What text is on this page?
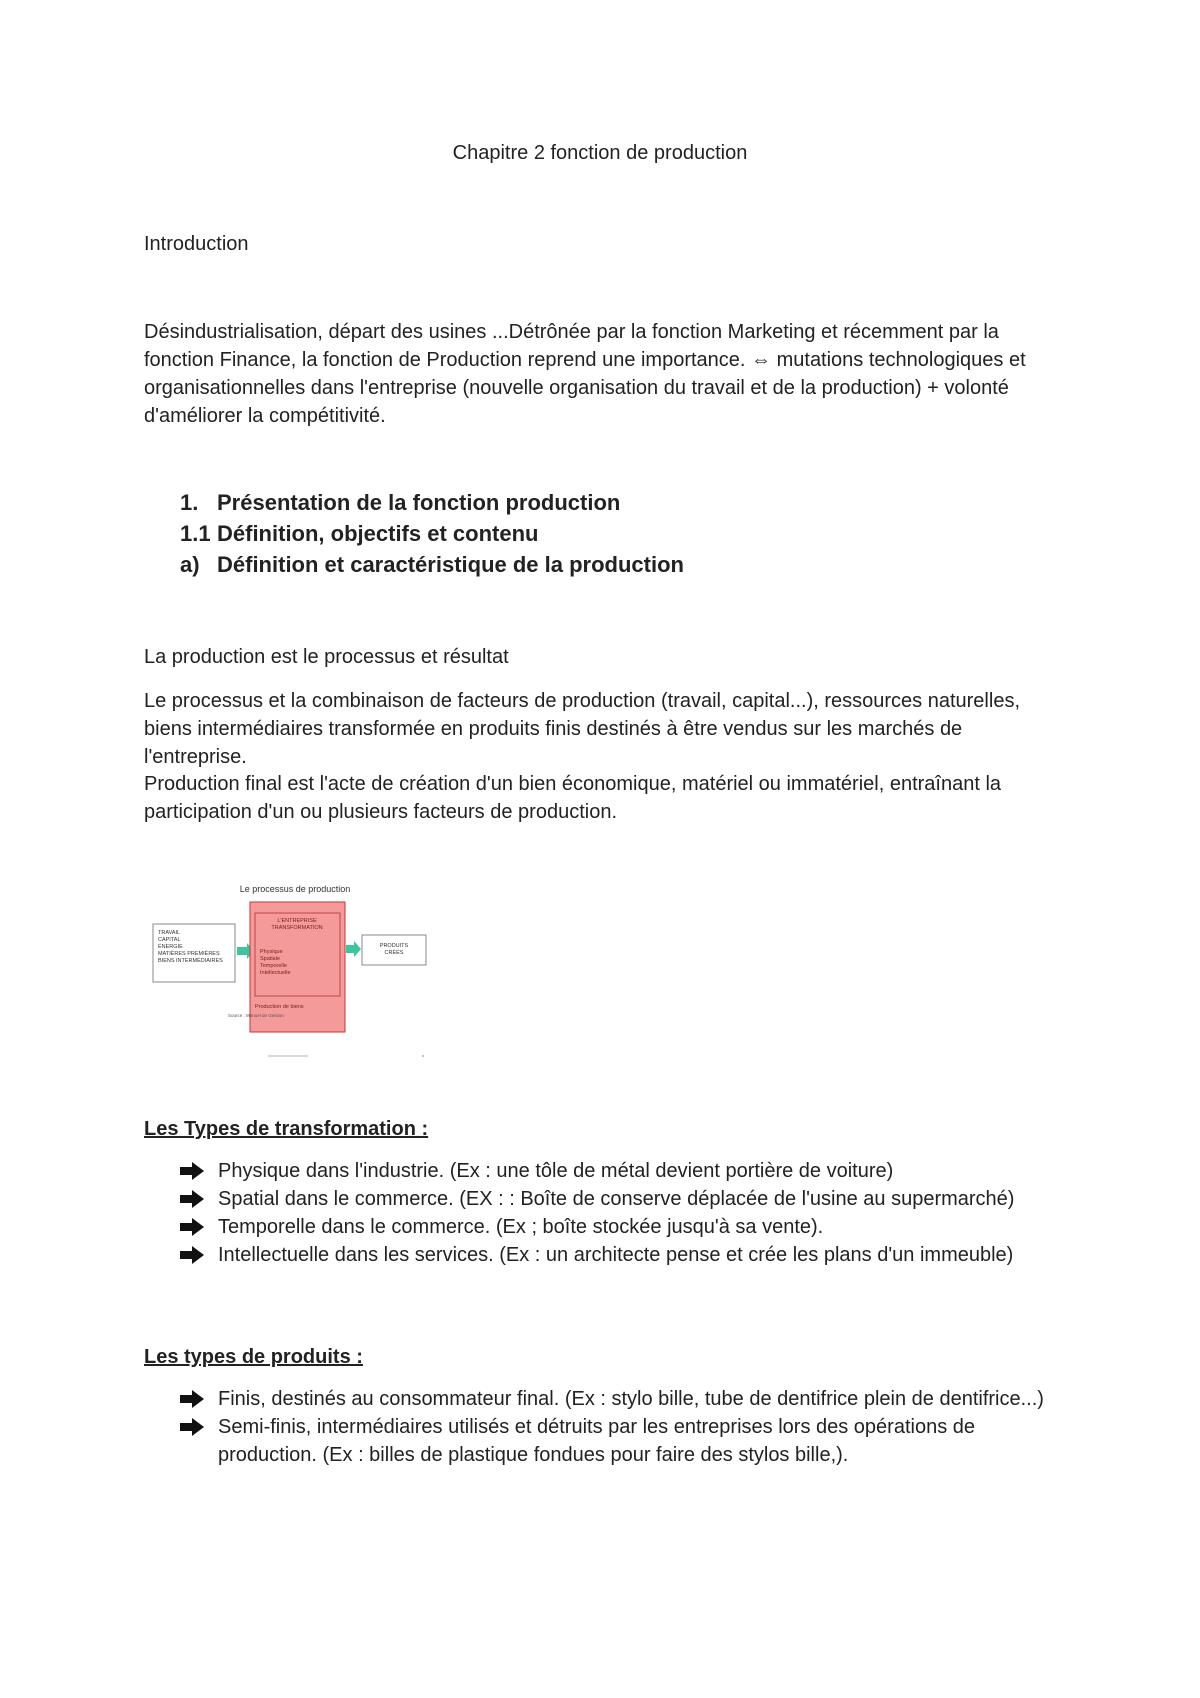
Chapitre 2 fonction de production
Introduction
Désindustrialisation, départ des usines ...Détrônée par la fonction Marketing et récemment par la fonction Finance, la fonction de Production reprend une importance. ⇔ mutations technologiques et organisationnelles dans l'entreprise (nouvelle organisation du travail et de la production) + volonté d'améliorer la compétitivité.
1. Présentation de la fonction production
1.1 Définition, objectifs et contenu
a) Définition et caractéristique de la production
La production est le processus et résultat
Le processus et la combinaison de facteurs de production (travail, capital...), ressources naturelles, biens intermédiaires transformée en produits finis destinés à être vendus sur les marchés de l'entreprise.
Production final est l'acte de création d'un bien économique, matériel ou immatériel, entraînant la participation d'un ou plusieurs facteurs de production.
Le processus de production
TRAVAIL
CAPITAL
ÉNERGIE
MATIÈRES PREMIÈRES
BIENS INTERMÉDIAIRES
L'ENTREPRISE
TRANSFORMATION
Physique
Spatiale
Temporelle
Intellectuelle
Production de biens
PRODUITS
CRÉÉS
Source : Manuel de Gestion
Les Types de transformation :
Physique dans l'industrie. (Ex : une tôle de métal devient portière de voiture)
Spatial dans le commerce. (EX : : Boîte de conserve déplacée de l'usine au supermarché)
Temporelle dans le commerce. (Ex ; boîte stockée jusqu'à sa vente).
Intellectuelle dans les services. (Ex : un architecte pense et crée les plans d'un immeuble)
Les types de produits :
Finis, destinés au consommateur final. (Ex : stylo bille, tube de dentifrice plein de dentifrice...)
Semi-finis, intermédiaires utilisés et détruits par les entreprises lors des opérations de production. (Ex : billes de plastique fondues pour faire des stylos bille,).
